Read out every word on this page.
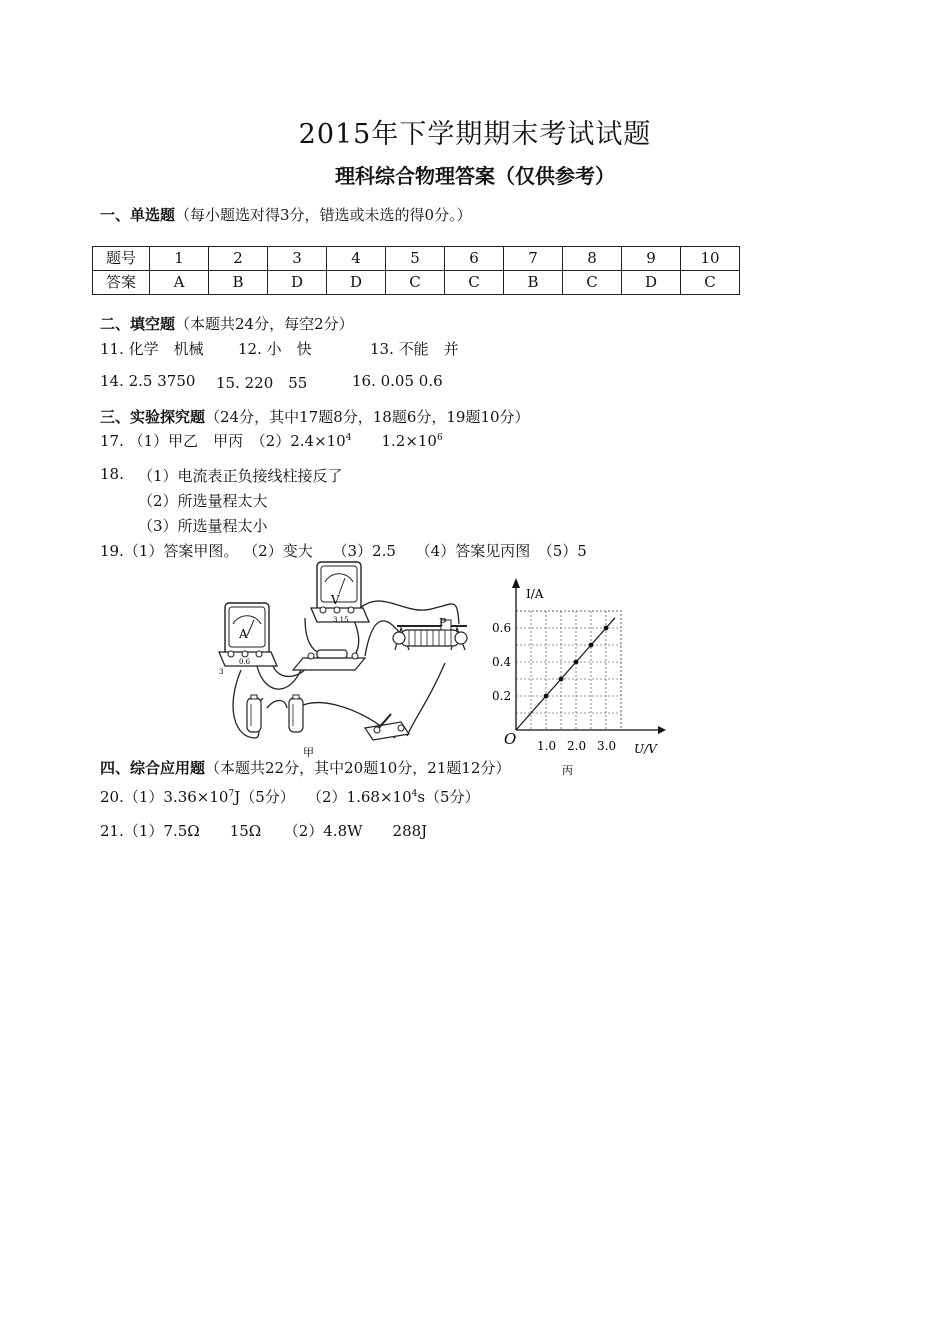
2015年下学期期末考试试题
理科综合物理答案（仅供参考）
一、单选题（每小题选对得3分，错选或未选的得0分。）
题号	1	2	3	4	5	6	7	8	9	10
答案	A	B	D	D	C	C	B	C	D	C
二、填空题（本题共24分，每空2分）
11. 化学　机械 12. 小　快	13. 不能　并
14. 2.5 3750 15. 220　55	16. 0.05 0.6
三、实验探究题（24分，其中17题8分，18题6分，19题10分）
17. （1）甲乙　甲丙　$(2)2.4\times 10^4$　　$1.2\times 10^6$
18. （1）电流表正负接线柱接反了
（2）所选量程太大
（3）所选量程太小
19.（1）答案甲图。 （2）变大　 （3）2.5　 （4）答案见丙图　（5）5
A
0.6
3
V
3 15	P
甲	1.0 2.0 3.0
0.2
0.4
0.6
I/A
U/V
O
丙
四、综合应用题（本题共22分，其中20题10分，21题12分）
$20.(1)3.36\times 10^7J(5$分）　 $(2)1.68\times 10^4s(5$分）
21.（1）7.5Ω　　15Ω　　（2）4.8W　　288J
